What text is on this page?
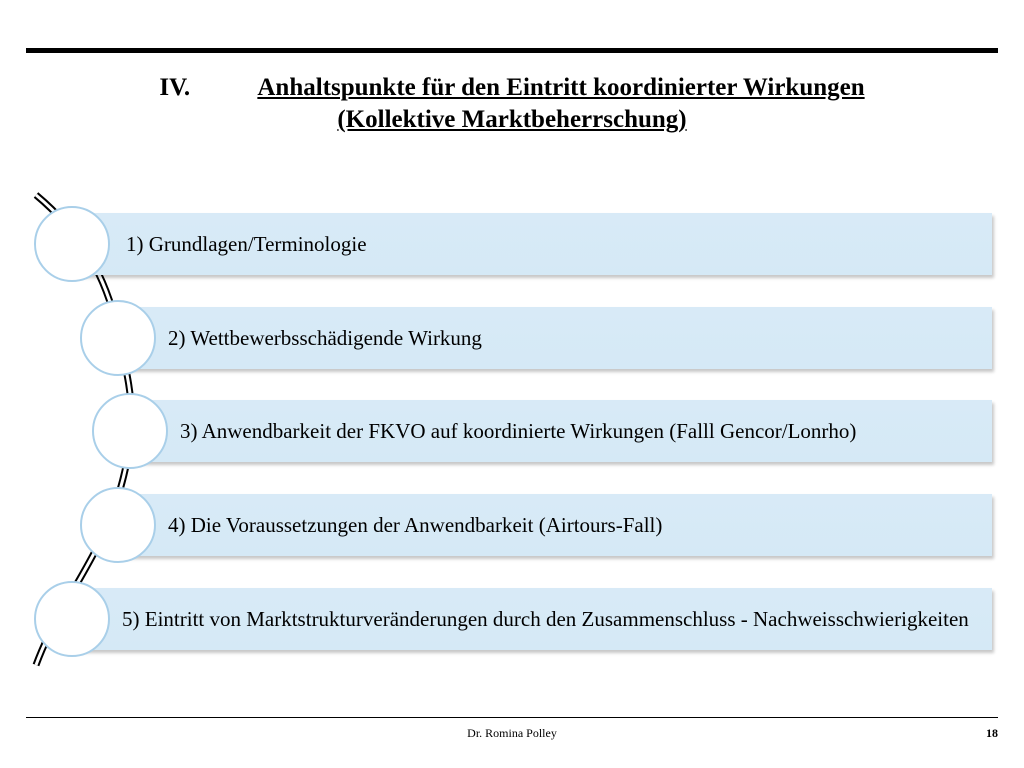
IV.	Anhaltspunkte für den Eintritt koordinierter Wirkungen
(Kollektive Marktbeherrschung)
1) Grundlagen/Terminologie
2) Wettbewerbsschädigende Wirkung
3) Anwendbarkeit der FKVO auf koordinierte Wirkungen (Falll Gencor/Lonrho)
4) Die Voraussetzungen der Anwendbarkeit (Airtours-Fall)
5) Eintritt von Marktstrukturveränderungen durch den Zusammenschluss - Nachweisschwierigkeiten
Dr. Romina Polley	18
